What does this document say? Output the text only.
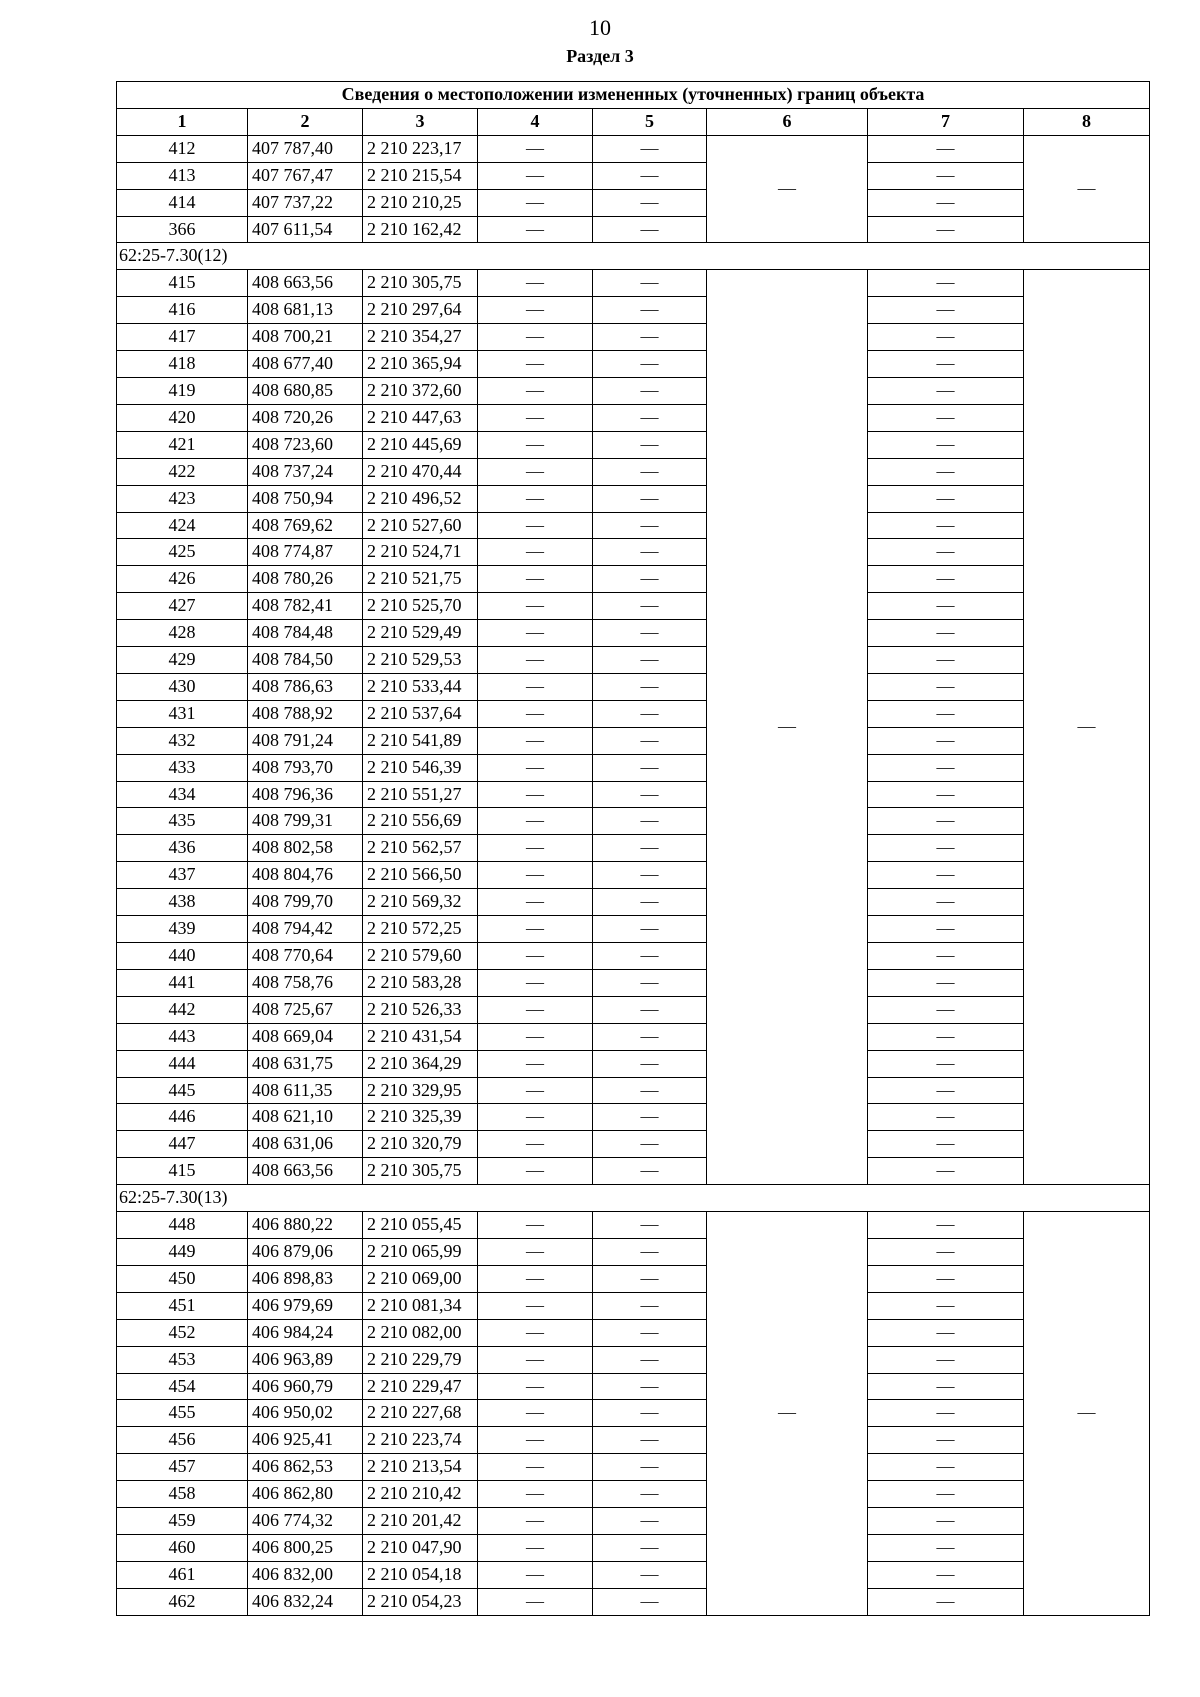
10
Раздел 3
Сведения о местоположении измененных (уточненных) границ объекта							
1	2	3	4	5	6	7	8
412	407 787,40	2 210 223,17	—	—	—	—	—
413	407 767,47	2 210 215,54	—	—		—	
414	407 737,22	2 210 210,25	—	—		—	
366	407 611,54	2 210 162,42	—	—		—	
62:25-7.30(12)							
415	408 663,56	2 210 305,75	—	—	—	—	—
416	408 681,13	2 210 297,64	—	—		—	
417	408 700,21	2 210 354,27	—	—		—	
418	408 677,40	2 210 365,94	—	—		—	
419	408 680,85	2 210 372,60	—	—		—	
420	408 720,26	2 210 447,63	—	—		—	
421	408 723,60	2 210 445,69	—	—		—	
422	408 737,24	2 210 470,44	—	—		—	
423	408 750,94	2 210 496,52	—	—		—	
424	408 769,62	2 210 527,60	—	—		—	
425	408 774,87	2 210 524,71	—	—		—	
426	408 780,26	2 210 521,75	—	—		—	
427	408 782,41	2 210 525,70	—	—		—	
428	408 784,48	2 210 529,49	—	—		—	
429	408 784,50	2 210 529,53	—	—		—	
430	408 786,63	2 210 533,44	—	—		—	
431	408 788,92	2 210 537,64	—	—		—	
432	408 791,24	2 210 541,89	—	—		—	
433	408 793,70	2 210 546,39	—	—		—	
434	408 796,36	2 210 551,27	—	—		—	
435	408 799,31	2 210 556,69	—	—		—	
436	408 802,58	2 210 562,57	—	—		—	
437	408 804,76	2 210 566,50	—	—		—	
438	408 799,70	2 210 569,32	—	—		—	
439	408 794,42	2 210 572,25	—	—		—	
440	408 770,64	2 210 579,60	—	—		—	
441	408 758,76	2 210 583,28	—	—		—	
442	408 725,67	2 210 526,33	—	—		—	
443	408 669,04	2 210 431,54	—	—		—	
444	408 631,75	2 210 364,29	—	—		—	
445	408 611,35	2 210 329,95	—	—		—	
446	408 621,10	2 210 325,39	—	—		—	
447	408 631,06	2 210 320,79	—	—		—	
415	408 663,56	2 210 305,75	—	—		—	
62:25-7.30(13)							
448	406 880,22	2 210 055,45	—	—	—	—	—
449	406 879,06	2 210 065,99	—	—		—	
450	406 898,83	2 210 069,00	—	—		—	
451	406 979,69	2 210 081,34	—	—		—	
452	406 984,24	2 210 082,00	—	—		—	
453	406 963,89	2 210 229,79	—	—		—	
454	406 960,79	2 210 229,47	—	—		—	
455	406 950,02	2 210 227,68	—	—		—	
456	406 925,41	2 210 223,74	—	—		—	
457	406 862,53	2 210 213,54	—	—		—	
458	406 862,80	2 210 210,42	—	—		—	
459	406 774,32	2 210 201,42	—	—		—	
460	406 800,25	2 210 047,90	—	—		—	
461	406 832,00	2 210 054,18	—	—		—	
462	406 832,24	2 210 054,23	—	—		—	
